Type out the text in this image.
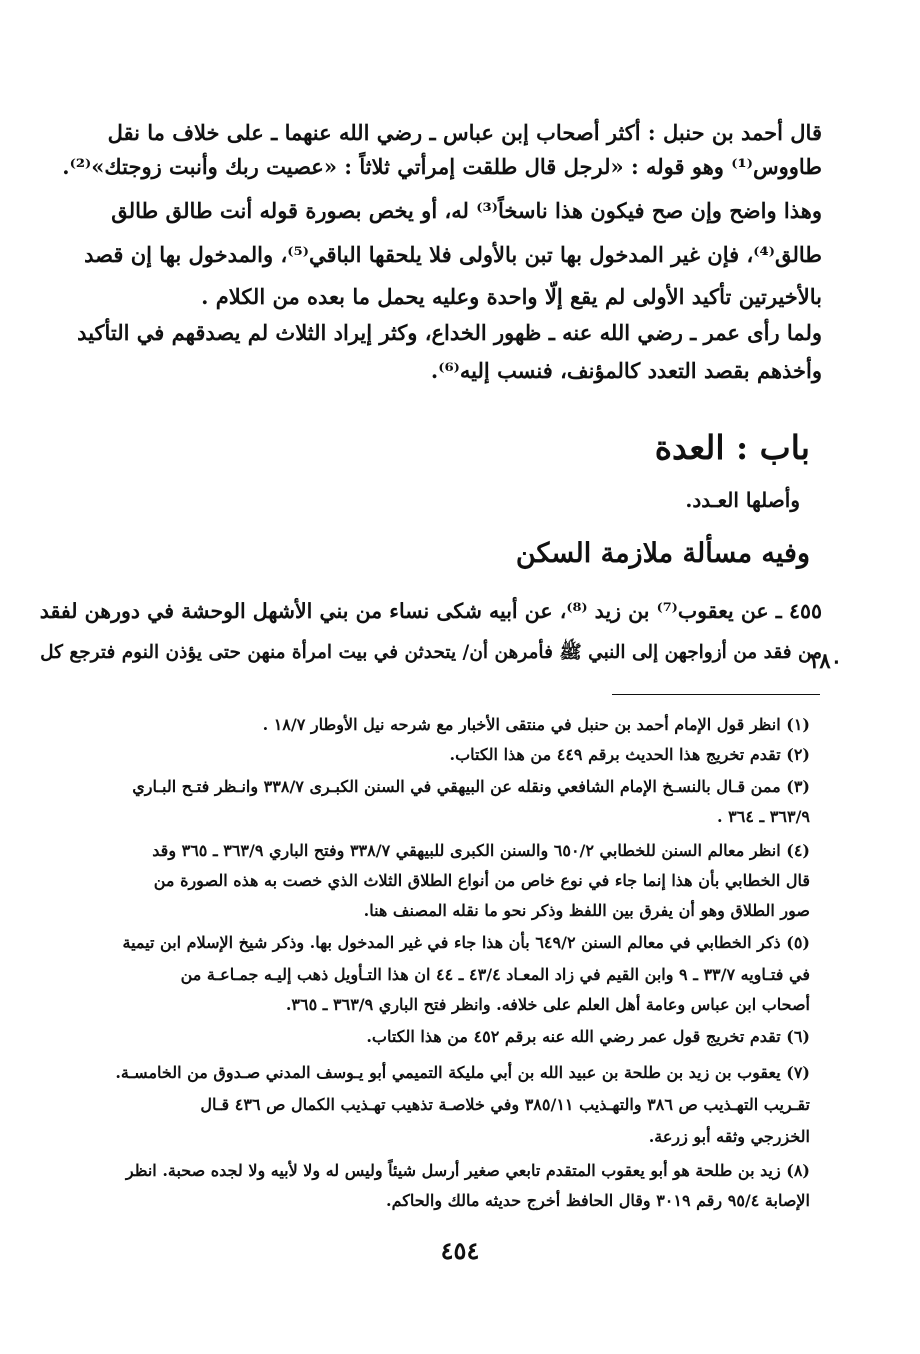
قال أحمد بن حنبل : أكثر أصحاب إبن عباس ـ رضي الله عنهما ـ على خلاف ما نقل
طاووس⁽¹⁾ وهو قوله : «لرجل قال طلقت إمرأتي ثلاثاً : «عصيت ربك وأنبت زوجتك»⁽²⁾.
وهذا واضح وإن صح فيكون هذا ناسخاً⁽³⁾ له، أو يخص بصورة قوله أنت طالق طالق
طالق⁽⁴⁾، فإن غير المدخول بها تبن بالأولى فلا يلحقها الباقي⁽⁵⁾، والمدخول بها إن قصد
بالأخيرتين تأكيد الأولى لم يقع إلّا واحدة وعليه يحمل ما بعده من الكلام .
ولما رأى عمر ـ رضي الله عنه ـ ظهور الخداع، وكثر إيراد الثلاث لم يصدقهم في التأكيد
وأخذهم بقصد التعدد كالمؤنف، فنسب إليه⁽⁶⁾.
باب : العدة
وأصلها العـدد.
وفيه مسألة ملازمة السكن
٤٥٥ ـ عن يعقوب⁽⁷⁾ بن زيد ⁽⁸⁾، عن أبيه شكى نساء من بني الأشهل الوحشة في دورهن لفقد
من فقد من أزواجهن إلى النبي ﷺ فأمرهن أن/ يتحدثن في بيت امرأة منهن حتى يؤذن النوم فترجع كل
١٨٠
(١) انظر قول الإمام أحمد بن حنبل في منتقى الأخبار مع شرحه نيل الأوطار ١٨/٧ .
(٢) تقدم تخريج هذا الحديث برقم ٤٤٩ من هذا الكتاب.
(٣) ممن قـال بالنسـخ الإمام الشافعي ونقله عن البيهقي في السنن الكبـرى ٣٣٨/٧ وانـظر فتـح البـاري
٣٦٣/٩ ـ ٣٦٤ .
(٤) انظر معالم السنن للخطابي ٦٥٠/٢ والسنن الكبرى للبيهقي ٣٣٨/٧ وفتح الباري ٣٦٣/٩ ـ ٣٦٥ وقد
قال الخطابي بأن هذا إنما جاء في نوع خاص من أنواع الطلاق الثلاث الذي خصت به هذه الصورة من
صور الطلاق وهو أن يفرق بين اللفظ وذكر نحو ما نقله المصنف هنا.
(٥) ذكر الخطابي في معالم السنن ٦٤٩/٢ بأن هذا جاء في غير المدخول بها. وذكر شيخ الإسلام ابن تيمية
في فتـاويه ٣٣/٧ ـ ٩ وابن القيم في زاد المعـاد ٤٣/٤ ـ ٤٤ ان هذا التـأويل ذهب إليـه جمـاعـة من
أصحاب ابن عباس وعامة أهل العلم على خلافه. وانظر فتح الباري ٣٦٣/٩ ـ ٣٦٥.
(٦) تقدم تخريج قول عمر رضي الله عنه برقم ٤٥٢ من هذا الكتاب.
(٧) يعقوب بن زيد بن طلحة بن عبيد الله بن أبي مليكة التميمي أبو يـوسف المدني صـدوق من الخامسـة.
تقـريب التهـذيب ص ٣٨٦ والتهـذيب ٣٨٥/١١ وفي خلاصـة تذهيب تهـذيب الكمال ص ٤٣٦ قـال
الخزرجي وثقه أبو زرعة.
(٨) زيد بن طلحة هو أبو يعقوب المتقدم تابعي صغير أرسل شيئاً وليس له ولا لأبيه ولا لجده صحبة. انظر
الإصابة ٩٥/٤ رقم ٣٠١٩ وقال الحافظ أخرج حديثه مالك والحاكم.
٤٥٤
